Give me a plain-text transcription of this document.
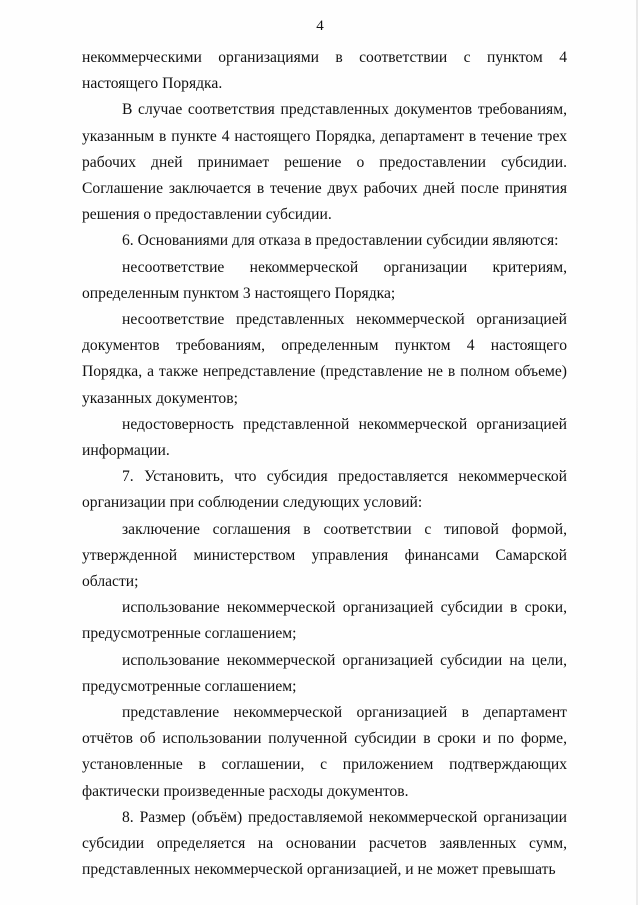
4

некоммерческими организациями в соответствии с пунктом 4 настоящего Порядка.

В случае соответствия представленных документов требованиям, указанным в пункте 4 настоящего Порядка, департамент в течение трех рабочих дней принимает решение о предоставлении субсидии. Соглашение заключается в течение двух рабочих дней после принятия решения о предоставлении субсидии.

6. Основаниями для отказа в предоставлении субсидии являются:

несоответствие некоммерческой организации критериям, определенным пунктом 3 настоящего Порядка;

несоответствие представленных некоммерческой организацией документов требованиям, определенным пунктом 4 настоящего Порядка, а также непредставление (представление не в полном объеме) указанных документов;

недостоверность представленной некоммерческой организацией информации.

7. Установить, что субсидия предоставляется некоммерческой организации при соблюдении следующих условий:

заключение соглашения в соответствии с типовой формой, утвержденной министерством управления финансами Самарской области;

использование некоммерческой организацией субсидии в сроки, предусмотренные соглашением;

использование некоммерческой организацией субсидии на цели, предусмотренные соглашением;

представление некоммерческой организацией в департамент отчётов об использовании полученной субсидии в сроки и по форме, установленные в соглашении, с приложением подтверждающих фактически произведенные расходы документов.

8. Размер (объём) предоставляемой некоммерческой организации субсидии определяется на основании расчетов заявленных сумм, представленных некоммерческой организацией, и не может превышать
